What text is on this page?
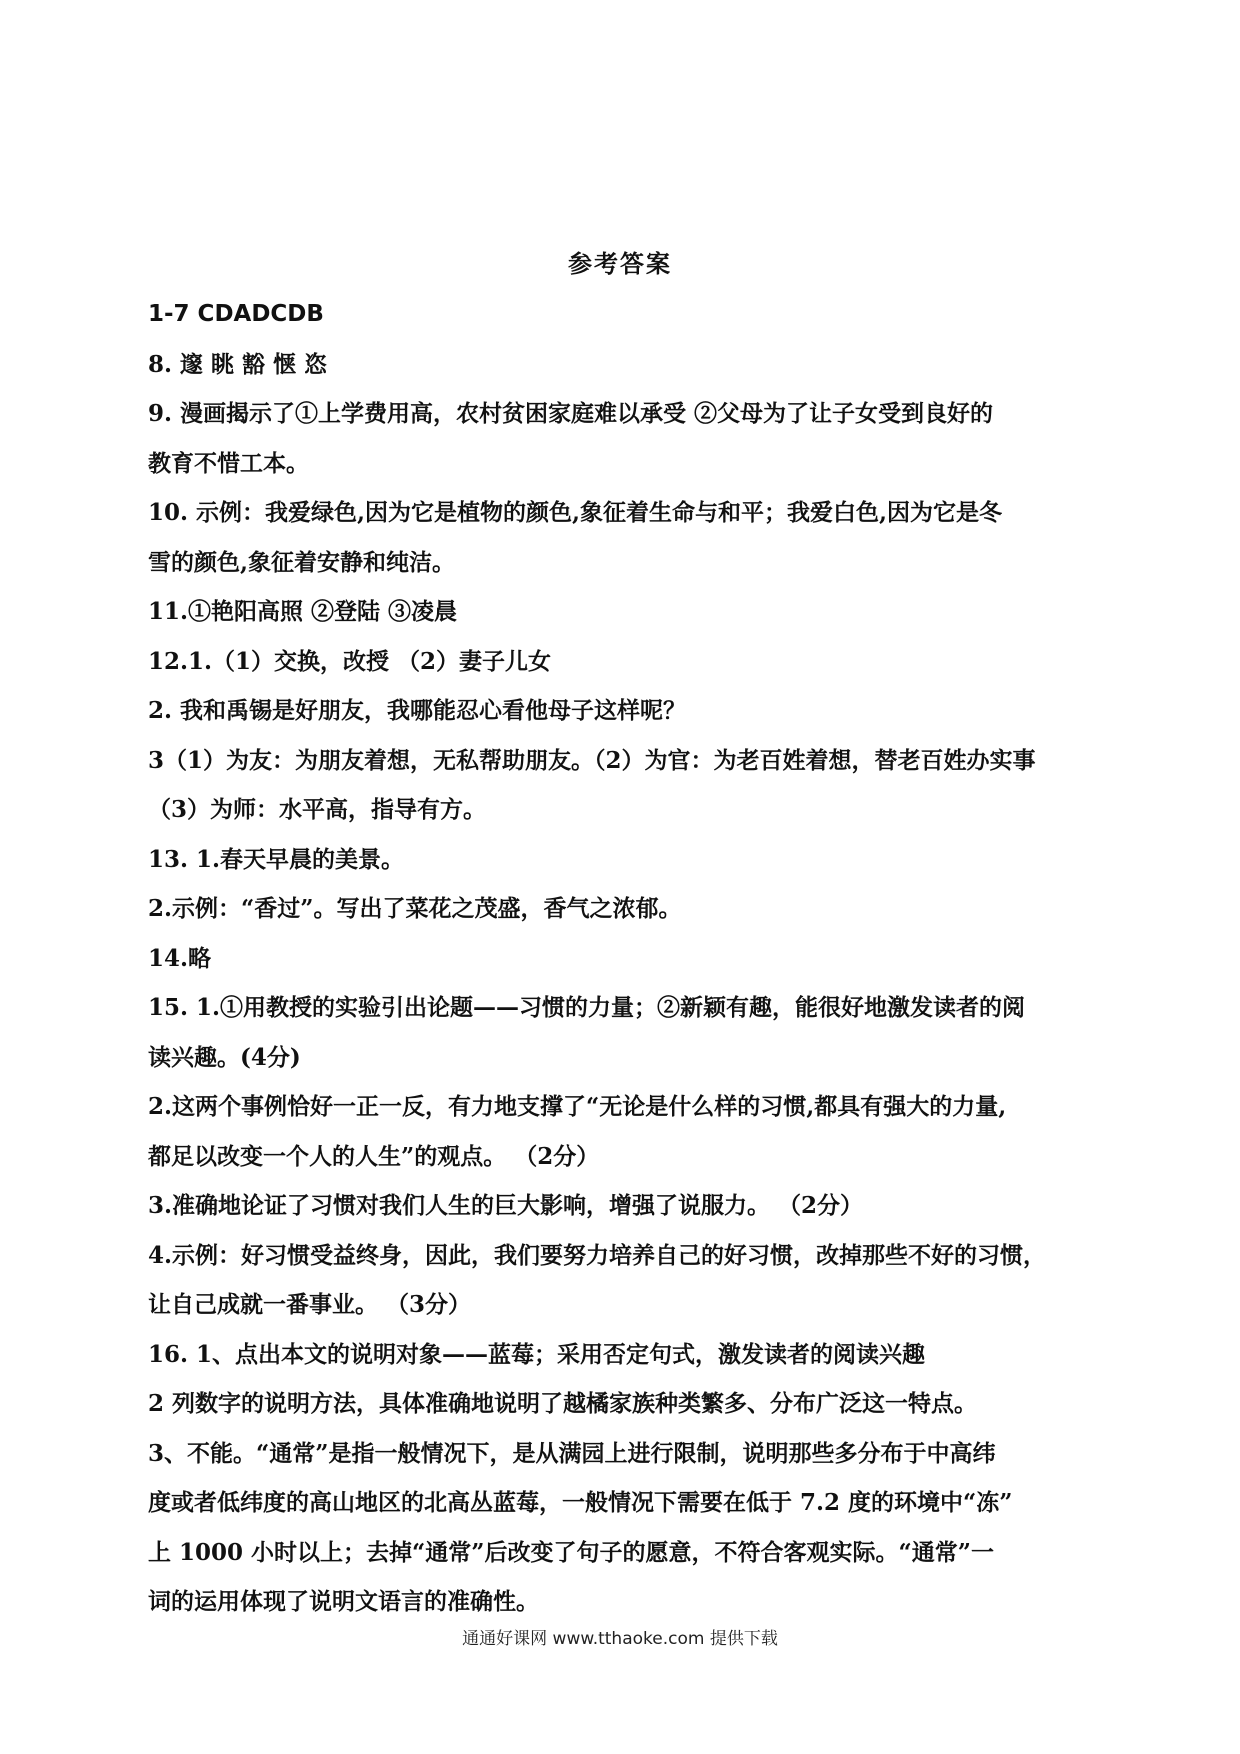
参考答案
1-7 CDADCDB
8. 邃 眺 豁 惬 恣
9. 漫画揭示了①上学费用高，农村贫困家庭难以承受 ②父母为了让子女受到良好的
教育不惜工本。
10. 示例：我爱绿色,因为它是植物的颜色,象征着生命与和平；我爱白色,因为它是冬
雪的颜色,象征着安静和纯洁。
11.①艳阳高照 ②登陆 ③凌晨
12.1.（1）交换，改授 （2）妻子儿女
2. 我和禹锡是好朋友，我哪能忍心看他母子这样呢？
3（1）为友：为朋友着想，无私帮助朋友。（2）为官：为老百姓着想，替老百姓办实事
（3）为师：水平高，指导有方。
13. 1.春天早晨的美景。
2.示例：“香过”。写出了菜花之茂盛，香气之浓郁。
14.略
15. 1.①用教授的实验引出论题——习惯的力量；②新颖有趣，能很好地激发读者的阅
读兴趣。(4分)
2.这两个事例恰好一正一反，有力地支撑了“无论是什么样的习惯,都具有强大的力量,
都足以改变一个人的人生”的观点。 （2分）
3.准确地论证了习惯对我们人生的巨大影响，增强了说服力。 （2分）
4.示例：好习惯受益终身，因此，我们要努力培养自己的好习惯，改掉那些不好的习惯，
让自己成就一番事业。 （3分）
16. 1、点出本文的说明对象——蓝莓；采用否定句式，激发读者的阅读兴趣
2 列数字的说明方法，具体准确地说明了越橘家族种类繁多、分布广泛这一特点。
3、不能。“通常”是指一般情况下，是从满园上进行限制，说明那些多分布于中高纬
度或者低纬度的高山地区的北高丛蓝莓，一般情况下需要在低于 7.2 度的环境中“冻”
上 1000 小时以上；去掉“通常”后改变了句子的愿意，不符合客观实际。“通常”一
词的运用体现了说明文语言的准确性。
通通好课网 www.tthaoke.com 提供下载
